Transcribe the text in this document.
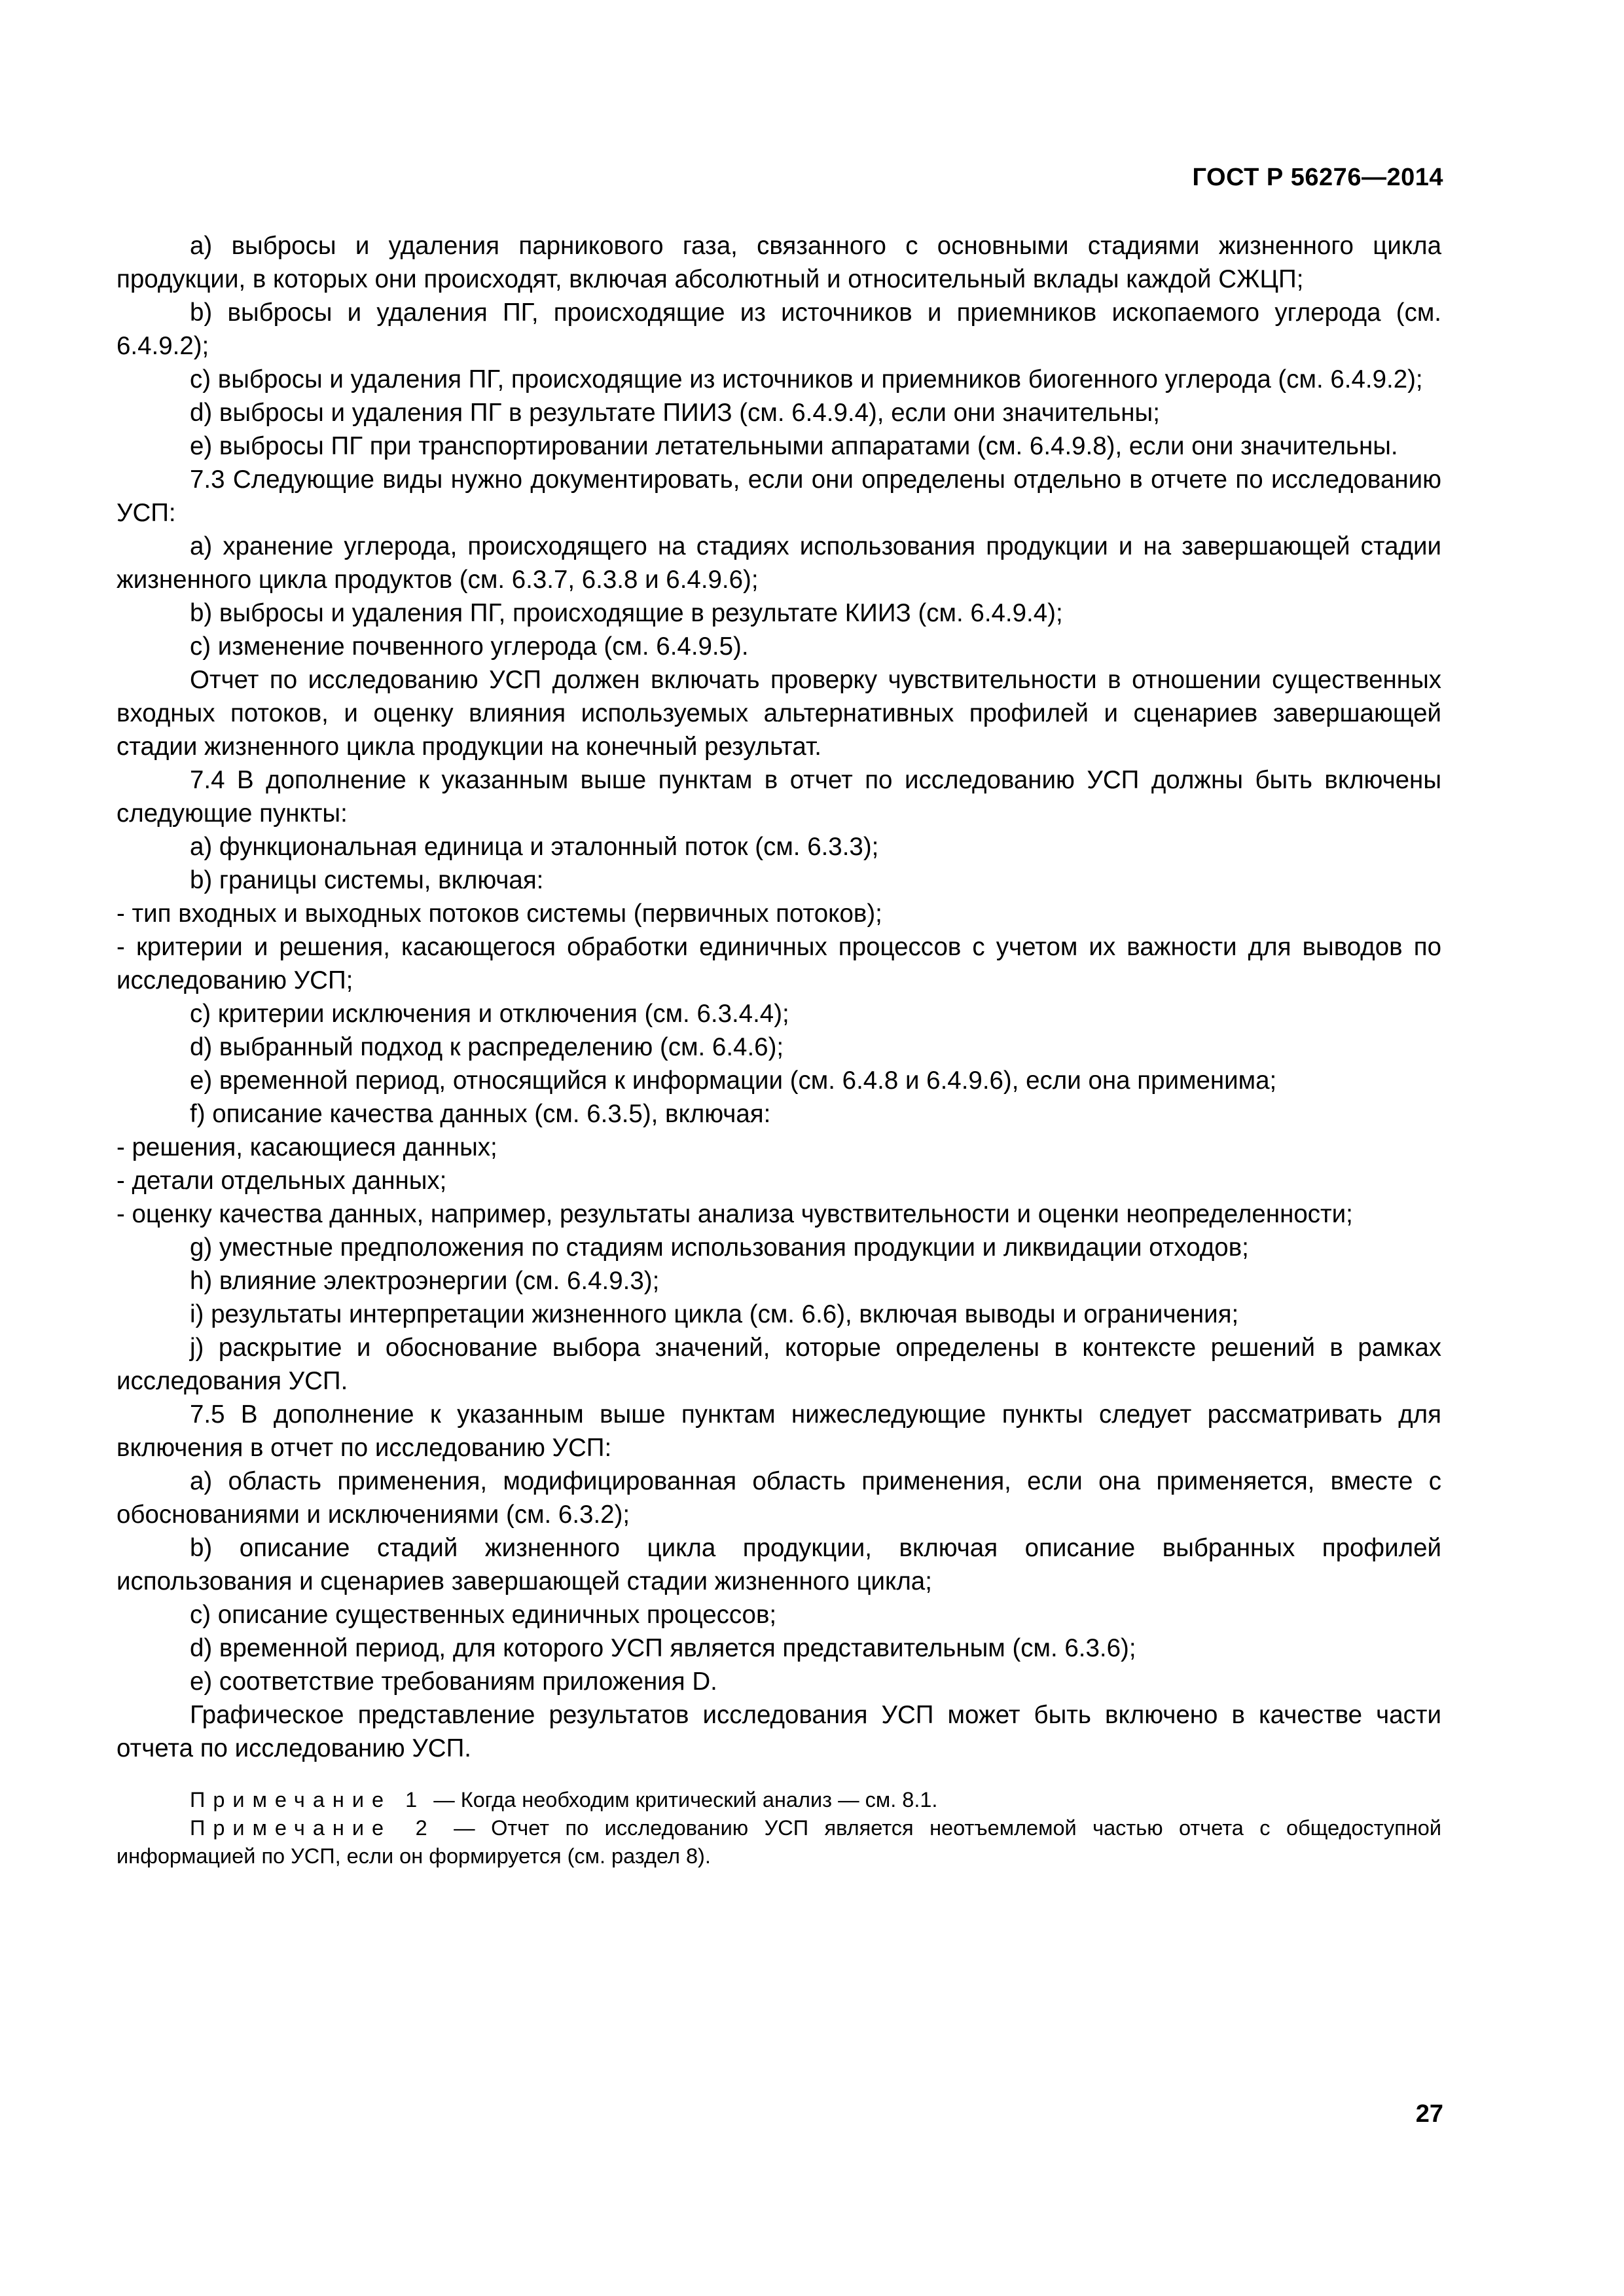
ГОСТ Р 56276—2014

a) выбросы и удаления парникового газа, связанного с основными стадиями жизненного цикла продукции, в которых они происходят, включая абсолютный и относительный вклады каждой СЖЦП;

b) выбросы и удаления ПГ, происходящие из источников и приемников ископаемого углерода (см. 6.4.9.2);

c) выбросы и удаления ПГ, происходящие из источников и приемников биогенного углерода (см. 6.4.9.2);

d) выбросы и удаления ПГ в результате ПИИЗ (см. 6.4.9.4), если они значительны;

e) выбросы ПГ при транспортировании летательными аппаратами (см. 6.4.9.8), если они значительны.

7.3 Следующие виды нужно документировать, если они определены отдельно в отчете по исследованию УСП:

a) хранение углерода, происходящего на стадиях использования продукции и на завершающей стадии жизненного цикла продуктов (см. 6.3.7, 6.3.8 и 6.4.9.6);

b) выбросы и удаления ПГ, происходящие в результате КИИЗ (см. 6.4.9.4);

c) изменение почвенного углерода (см. 6.4.9.5).

Отчет по исследованию УСП должен включать проверку чувствительности в отношении существенных входных потоков, и оценку влияния используемых альтернативных профилей и сценариев завершающей стадии жизненного цикла продукции на конечный результат.

7.4 В дополнение к указанным выше пунктам в отчет по исследованию УСП должны быть включены следующие пункты:

a) функциональная единица и эталонный поток (см. 6.3.3);

b) границы системы, включая:

- тип входных и выходных потоков системы (первичных потоков);

- критерии и решения, касающегося обработки единичных процессов с учетом их важности для выводов по исследованию УСП;

c) критерии исключения и отключения (см. 6.3.4.4);

d) выбранный подход к распределению (см. 6.4.6);

e) временной период, относящийся к информации (см. 6.4.8 и 6.4.9.6), если она применима;

f) описание качества данных (см. 6.3.5), включая:

- решения, касающиеся данных;

- детали отдельных данных;

- оценку качества данных, например, результаты анализа чувствительности и оценки неопределенности;

g) уместные предположения по стадиям использования продукции и ликвидации отходов;

h) влияние электроэнергии (см. 6.4.9.3);

i) результаты интерпретации жизненного цикла (см. 6.6), включая выводы и ограничения;

j) раскрытие и обоснование выбора значений, которые определены в контексте решений в рамках исследования УСП.

7.5 В дополнение к указанным выше пунктам нижеследующие пункты следует рассматривать для включения в отчет по исследованию УСП:

a) область применения, модифицированная область применения, если она применяется, вместе с обоснованиями и исключениями (см. 6.3.2);

b) описание стадий жизненного цикла продукции, включая описание выбранных профилей использования и сценариев завершающей стадии жизненного цикла;

c) описание существенных единичных процессов;

d) временной период, для которого УСП является представительным (см. 6.3.6);

e) соответствие требованиям приложения D.

Графическое представление результатов исследования УСП может быть включено в качестве части отчета по исследованию УСП.

Примечание 1 — Когда необходим критический анализ — см. 8.1.

Примечание 2 — Отчет по исследованию УСП является неотъемлемой частью отчета с общедоступной информацией по УСП, если он формируется (см. раздел 8).

27
